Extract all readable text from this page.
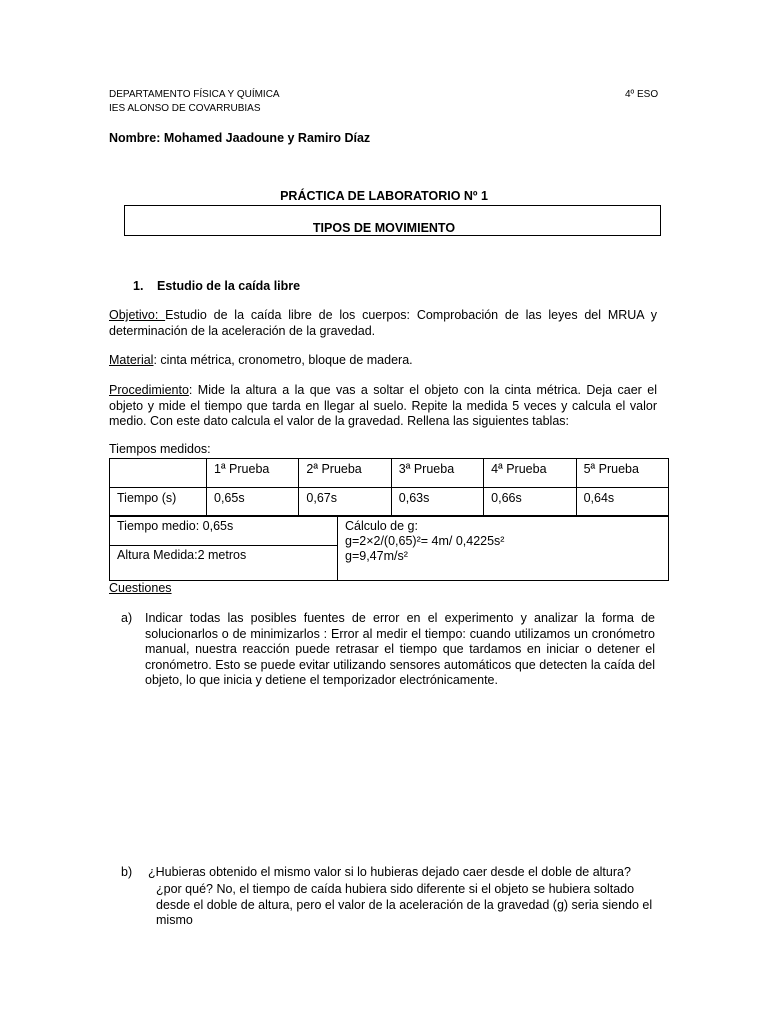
DEPARTAMENTO FÍSICA Y QUÍMICA
IES ALONSO DE COVARRUBIAS
4º ESO
Nombre: Mohamed Jaadoune y Ramiro Díaz
PRÁCTICA DE LABORATORIO Nº 1
TIPOS DE MOVIMIENTO
1. Estudio de la caída libre
Objetivo: Estudio de la caída libre de los cuerpos: Comprobación de las leyes del MRUA y determinación de la aceleración de la gravedad.
Material: cinta métrica, cronometro, bloque de madera.
Procedimiento: Mide la altura a la que vas a soltar el objeto con la cinta métrica. Deja caer el objeto y mide el tiempo que tarda en llegar al suelo. Repite la medida 5 veces y calcula el valor medio. Con este dato calcula el valor de la gravedad. Rellena las siguientes tablas:
Tiempos medidos:
	1ª Prueba	2ª Prueba	3ª Prueba	4ª Prueba	5ª Prueba
Tiempo (s)	0,65s	0,67s	0,63s	0,66s	0,64s
Tiempo medio: 0,65s
Altura Medida:2 metros
Cálculo de g:
g=2×2/(0,65)²= 4m/ 0,4225s²
g=9,47m/s²
Cuestiones
a) Indicar todas las posibles fuentes de error en el experimento y analizar la forma de solucionarlos o de minimizarlos : Error al medir el tiempo: cuando utilizamos un cronómetro manual, nuestra reacción puede retrasar el tiempo que tardamos en iniciar o detener el cronómetro. Esto se puede evitar utilizando sensores automáticos que detecten la caída del objeto, lo que inicia y detiene el temporizador electrónicamente.
b) ¿Hubieras obtenido el mismo valor si lo hubieras dejado caer desde el doble de altura?
¿por qué? No, el tiempo de caída hubiera sido diferente si el objeto se hubiera soltado desde el doble de altura, pero el valor de la aceleración de la gravedad (g) seria siendo el mismo
